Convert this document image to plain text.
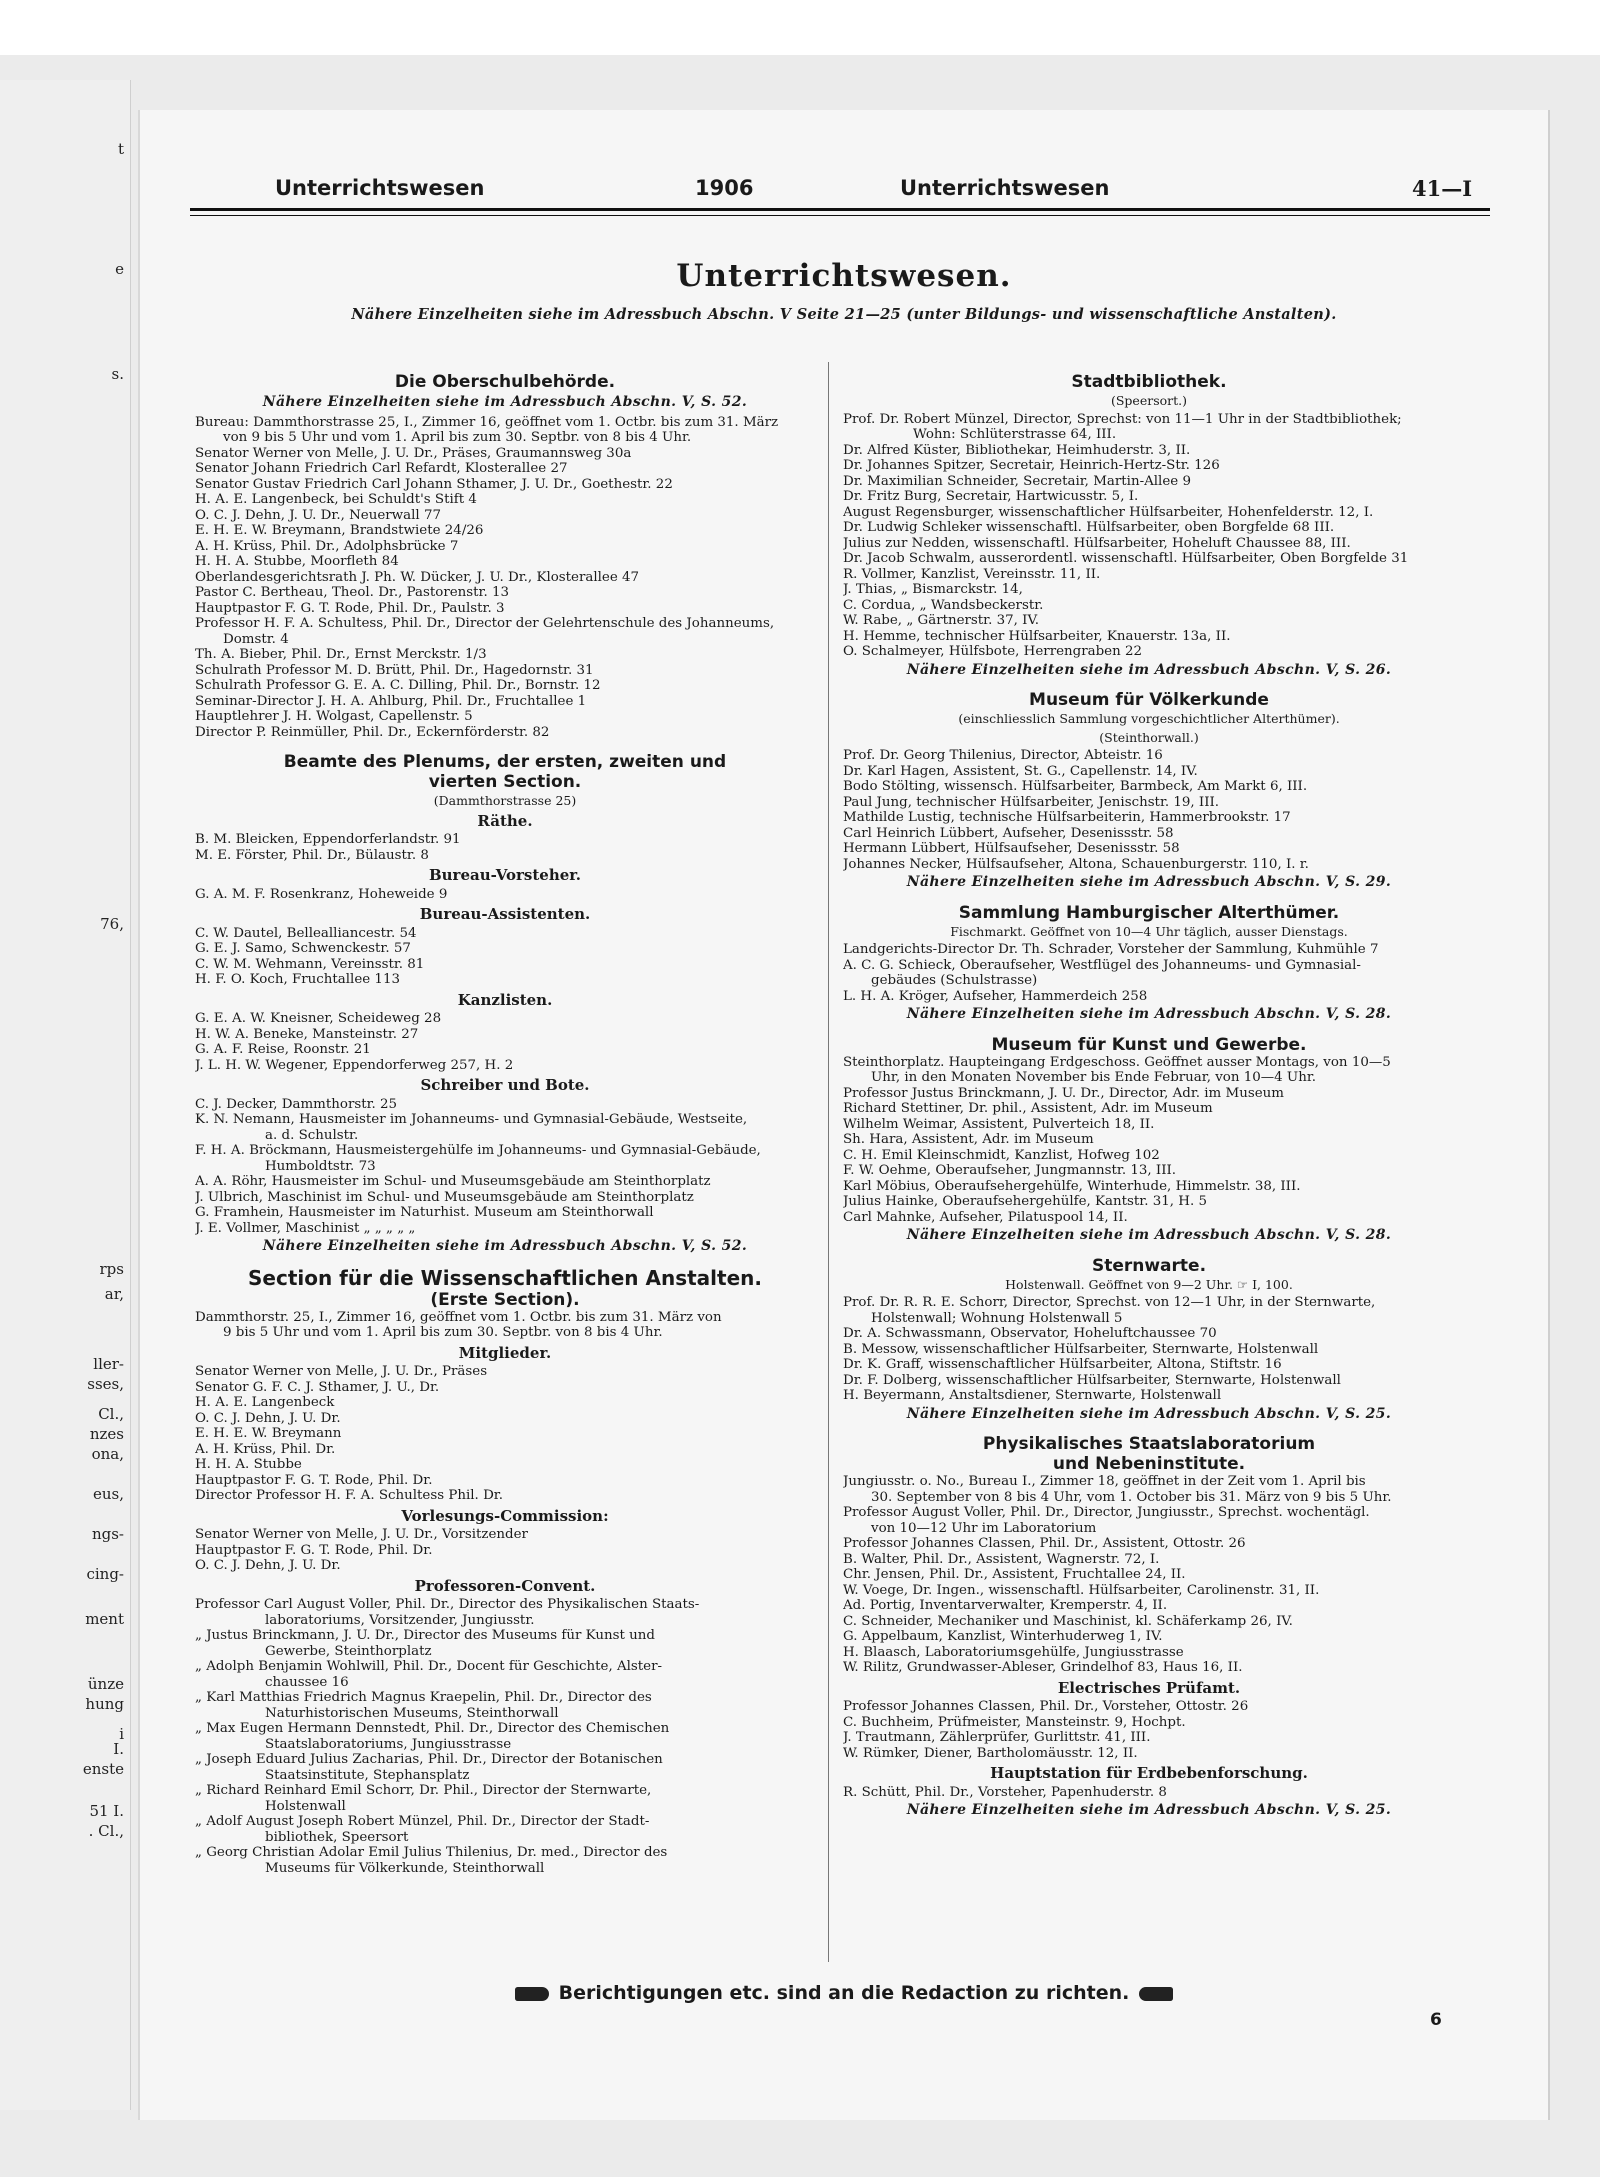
t
e
s.
76,
rps
ar,
ller-
sses,
Cl.,
nzes
ona,
eus,
ngs-
cing-
ment
ünze
hung
i
I.
enste
51 I.
. Cl.,
Unterrichtswesen	1906	Unterrichtswesen	41—I
Unterrichtswesen.
Nähere Einzelheiten siehe im Adressbuch Abschn. V Seite 21—25 (unter Bildungs- und wissenschaftliche Anstalten).
Die Oberschulbehörde.
Nähere Einzelheiten siehe im Adressbuch Abschn. V, S. 52.
Bureau: Dammthorstrasse 25, I., Zimmer 16, geöffnet vom 1. Octbr. bis zum 31. März
von 9 bis 5 Uhr und vom 1. April bis zum 30. Septbr. von 8 bis 4 Uhr.
Senator Werner von Melle, J. U. Dr., Präses, Graumannsweg 30a
Senator Johann Friedrich Carl Refardt, Klosterallee 27
Senator Gustav Friedrich Carl Johann Sthamer, J. U. Dr., Goethestr. 22
H. A. E. Langenbeck, bei Schuldt's Stift 4
O. C. J. Dehn, J. U. Dr., Neuerwall 77
E. H. E. W. Breymann, Brandstwiete 24/26
A. H. Krüss, Phil. Dr., Adolphsbrücke 7
H. H. A. Stubbe, Moorfleth 84
Oberlandesgerichtsrath J. Ph. W. Dücker, J. U. Dr., Klosterallee 47
Pastor C. Bertheau, Theol. Dr., Pastorenstr. 13
Hauptpastor F. G. T. Rode, Phil. Dr., Paulstr. 3
Professor H. F. A. Schultess, Phil. Dr., Director der Gelehrtenschule des Johanneums,
Domstr. 4
Th. A. Bieber, Phil. Dr., Ernst Merckstr. 1/3
Schulrath Professor M. D. Brütt, Phil. Dr., Hagedornstr. 31
Schulrath Professor G. E. A. C. Dilling, Phil. Dr., Bornstr. 12
Seminar-Director J. H. A. Ahlburg, Phil. Dr., Fruchtallee 1
Hauptlehrer J. H. Wolgast, Capellenstr. 5
Director P. Reinmüller, Phil. Dr., Eckernförderstr. 82
Beamte des Plenums, der ersten, zweiten und
vierten Section.
(Dammthorstrasse 25)
Räthe.
B. M. Bleicken, Eppendorferlandstr. 91
M. E. Förster, Phil. Dr., Bülaustr. 8
Bureau-Vorsteher.
G. A. M. F. Rosenkranz, Hoheweide 9
Bureau-Assistenten.
C. W. Dautel, Bellealliancestr. 54
G. E. J. Samo, Schwenckestr. 57
C. W. M. Wehmann, Vereinsstr. 81
H. F. O. Koch, Fruchtallee 113
Kanzlisten.
G. E. A. W. Kneisner, Scheideweg 28
H. W. A. Beneke, Mansteinstr. 27
G. A. F. Reise, Roonstr. 21
J. L. H. W. Wegener, Eppendorferweg 257, H. 2
Schreiber und Bote.
C. J. Decker, Dammthorstr. 25
K. N. Nemann, Hausmeister im Johanneums- und Gymnasial-Gebäude, Westseite,
a. d. Schulstr.
F. H. A. Bröckmann, Hausmeistergehülfe im Johanneums- und Gymnasial-Gebäude,
Humboldtstr. 73
A. A. Röhr, Hausmeister im Schul- und Museumsgebäude am Steinthorplatz
J. Ulbrich, Maschinist im Schul- und Museumsgebäude am Steinthorplatz
G. Framhein, Hausmeister im Naturhist. Museum am Steinthorwall
J. E. Vollmer, Maschinist „ „ „ „ „
Nähere Einzelheiten siehe im Adressbuch Abschn. V, S. 52.
Section für die Wissenschaftlichen Anstalten.
(Erste Section).
Dammthorstr. 25, I., Zimmer 16, geöffnet vom 1. Octbr. bis zum 31. März von
9 bis 5 Uhr und vom 1. April bis zum 30. Septbr. von 8 bis 4 Uhr.
Mitglieder.
Senator Werner von Melle, J. U. Dr., Präses
Senator G. F. C. J. Sthamer, J. U., Dr.
H. A. E. Langenbeck
O. C. J. Dehn, J. U. Dr.
E. H. E. W. Breymann
A. H. Krüss, Phil. Dr.
H. H. A. Stubbe
Hauptpastor F. G. T. Rode, Phil. Dr.
Director Professor H. F. A. Schultess Phil. Dr.
Vorlesungs-Commission:
Senator Werner von Melle, J. U. Dr., Vorsitzender
Hauptpastor F. G. T. Rode, Phil. Dr.
O. C. J. Dehn, J. U. Dr.
Professoren-Convent.
Professor Carl August Voller, Phil. Dr., Director des Physikalischen Staats-
laboratoriums, Vorsitzender, Jungiusstr.
„ Justus Brinckmann, J. U. Dr., Director des Museums für Kunst und
Gewerbe, Steinthorplatz
„ Adolph Benjamin Wohlwill, Phil. Dr., Docent für Geschichte, Alster-
chaussee 16
„ Karl Matthias Friedrich Magnus Kraepelin, Phil. Dr., Director des
Naturhistorischen Museums, Steinthorwall
„ Max Eugen Hermann Dennstedt, Phil. Dr., Director des Chemischen
Staatslaboratoriums, Jungiusstrasse
„ Joseph Eduard Julius Zacharias, Phil. Dr., Director der Botanischen
Staatsinstitute, Stephansplatz
„ Richard Reinhard Emil Schorr, Dr. Phil., Director der Sternwarte,
Holstenwall
„ Adolf August Joseph Robert Münzel, Phil. Dr., Director der Stadt-
bibliothek, Speersort
„ Georg Christian Adolar Emil Julius Thilenius, Dr. med., Director des
Museums für Völkerkunde, Steinthorwall
Stadtbibliothek.
(Speersort.)
Prof. Dr. Robert Münzel, Director, Sprechst: von 11—1 Uhr in der Stadtbibliothek;
Wohn: Schlüterstrasse 64, III.
Dr. Alfred Küster, Bibliothekar, Heimhuderstr. 3, II.
Dr. Johannes Spitzer, Secretair, Heinrich-Hertz-Str. 126
Dr. Maximilian Schneider, Secretair, Martin-Allee 9
Dr. Fritz Burg, Secretair, Hartwicusstr. 5, I.
August Regensburger, wissenschaftlicher Hülfsarbeiter, Hohenfelderstr. 12, I.
Dr. Ludwig Schleker wissenschaftl. Hülfsarbeiter, oben Borgfelde 68 III.
Julius zur Nedden, wissenschaftl. Hülfsarbeiter, Hoheluft Chaussee 88, III.
Dr. Jacob Schwalm, ausserordentl. wissenschaftl. Hülfsarbeiter, Oben Borgfelde 31
R. Vollmer, Kanzlist, Vereinsstr. 11, II.
J. Thias, „ Bismarckstr. 14,
C. Cordua, „ Wandsbeckerstr.
W. Rabe, „ Gärtnerstr. 37, IV.
H. Hemme, technischer Hülfsarbeiter, Knauerstr. 13a, II.
O. Schalmeyer, Hülfsbote, Herrengraben 22
Nähere Einzelheiten siehe im Adressbuch Abschn. V, S. 26.
Museum für Völkerkunde
(einschliesslich Sammlung vorgeschichtlicher Alterthümer).
(Steinthorwall.)
Prof. Dr. Georg Thilenius, Director, Abteistr. 16
Dr. Karl Hagen, Assistent, St. G., Capellenstr. 14, IV.
Bodo Stölting, wissensch. Hülfsarbeiter, Barmbeck, Am Markt 6, III.
Paul Jung, technischer Hülfsarbeiter, Jenischstr. 19, III.
Mathilde Lustig, technische Hülfsarbeiterin, Hammerbrookstr. 17
Carl Heinrich Lübbert, Aufseher, Desenissstr. 58
Hermann Lübbert, Hülfsaufseher, Desenissstr. 58
Johannes Necker, Hülfsaufseher, Altona, Schauenburgerstr. 110, I. r.
Nähere Einzelheiten siehe im Adressbuch Abschn. V, S. 29.
Sammlung Hamburgischer Alterthümer.
Fischmarkt. Geöffnet von 10—4 Uhr täglich, ausser Dienstags.
Landgerichts-Director Dr. Th. Schrader, Vorsteher der Sammlung, Kuhmühle 7
A. C. G. Schieck, Oberaufseher, Westflügel des Johanneums- und Gymnasial-
gebäudes (Schulstrasse)
L. H. A. Kröger, Aufseher, Hammerdeich 258
Nähere Einzelheiten siehe im Adressbuch Abschn. V, S. 28.
Museum für Kunst und Gewerbe.
Steinthorplatz. Haupteingang Erdgeschoss. Geöffnet ausser Montags, von 10—5
Uhr, in den Monaten November bis Ende Februar, von 10—4 Uhr.
Professor Justus Brinckmann, J. U. Dr., Director, Adr. im Museum
Richard Stettiner, Dr. phil., Assistent, Adr. im Museum
Wilhelm Weimar, Assistent, Pulverteich 18, II.
Sh. Hara, Assistent, Adr. im Museum
C. H. Emil Kleinschmidt, Kanzlist, Hofweg 102
F. W. Oehme, Oberaufseher, Jungmannstr. 13, III.
Karl Möbius, Oberaufsehergehülfe, Winterhude, Himmelstr. 38, III.
Julius Hainke, Oberaufsehergehülfe, Kantstr. 31, H. 5
Carl Mahnke, Aufseher, Pilatuspool 14, II.
Nähere Einzelheiten siehe im Adressbuch Abschn. V, S. 28.
Sternwarte.
Holstenwall. Geöffnet von 9—2 Uhr. ☞ I, 100.
Prof. Dr. R. R. E. Schorr, Director, Sprechst. von 12—1 Uhr, in der Sternwarte,
Holstenwall; Wohnung Holstenwall 5
Dr. A. Schwassmann, Observator, Hoheluftchaussee 70
B. Messow, wissenschaftlicher Hülfsarbeiter, Sternwarte, Holstenwall
Dr. K. Graff, wissenschaftlicher Hülfsarbeiter, Altona, Stiftstr. 16
Dr. F. Dolberg, wissenschaftlicher Hülfsarbeiter, Sternwarte, Holstenwall
H. Beyermann, Anstaltsdiener, Sternwarte, Holstenwall
Nähere Einzelheiten siehe im Adressbuch Abschn. V, S. 25.
Physikalisches Staatslaboratorium
und Nebeninstitute.
Jungiusstr. o. No., Bureau I., Zimmer 18, geöffnet in der Zeit vom 1. April bis
30. September von 8 bis 4 Uhr, vom 1. October bis 31. März von 9 bis 5 Uhr.
Professor August Voller, Phil. Dr., Director, Jungiusstr., Sprechst. wochentägl.
von 10—12 Uhr im Laboratorium
Professor Johannes Classen, Phil. Dr., Assistent, Ottostr. 26
B. Walter, Phil. Dr., Assistent, Wagnerstr. 72, I.
Chr. Jensen, Phil. Dr., Assistent, Fruchtallee 24, II.
W. Voege, Dr. Ingen., wissenschaftl. Hülfsarbeiter, Carolinenstr. 31, II.
Ad. Portig, Inventarverwalter, Kremperstr. 4, II.
C. Schneider, Mechaniker und Maschinist, kl. Schäferkamp 26, IV.
G. Appelbaum, Kanzlist, Winterhuderweg 1, IV.
H. Blaasch, Laboratoriumsgehülfe, Jungiusstrasse
W. Rilitz, Grundwasser-Ableser, Grindelhof 83, Haus 16, II.
Electrisches Prüfamt.
Professor Johannes Classen, Phil. Dr., Vorsteher, Ottostr. 26
C. Buchheim, Prüfmeister, Mansteinstr. 9, Hochpt.
J. Trautmann, Zählerprüfer, Gurlittstr. 41, III.
W. Rümker, Diener, Bartholomäusstr. 12, II.
Hauptstation für Erdbebenforschung.
R. Schütt, Phil. Dr., Vorsteher, Papenhuderstr. 8
Nähere Einzelheiten siehe im Adressbuch Abschn. V, S. 25.
Berichtigungen etc. sind an die Redaction zu richten.
6
